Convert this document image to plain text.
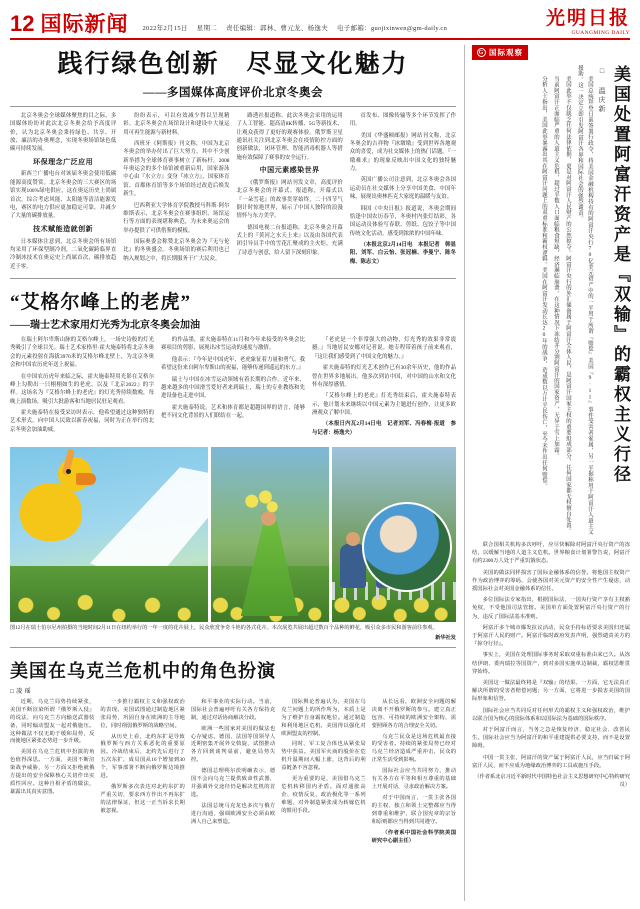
12 国际新闻 2022年2月15日 星期二 责任编辑：郭林、曹元龙、杨逸夫 电子邮箱：guojixinwen@gm-daily.cn	光明日报
GUANGMING DAILY
践行绿色创新　尽显文化魅力
——多国媒体高度评价北京冬奥会

北京冬奥会全球媒体聚焦的目之际，多国媒体纷纷对此次北京冬奥会给予高度评价，认为北京冬奥会秉持绿色、共享、开放、廉洁的办奥理念，实现冬奥场馆绿色低碳可持续发展。

环保理念广泛应用

新西兰广播电台对该届冬奥会使用低碳能源高度赞赏。北京冬奥会的三大赛区的场馆实现100%绿电供应，这在奥运历史上尚属首次。综合考虑风能、太阳能等清洁能源发电，赛区的电力供应更加稳定可靠，并减少了大量的碳排放量。

技术赋能造就创新

日本媒体注意到，北京冬奥会所有场馆均采用了环保型制冷剂，二氧化碳跨临界直冷制冰技术在奥运史上尚属首次，碳排放趋近于零。

纷纷表示，可以有效减少得以呈现精彩。北京冬奥会在场馆设计和建设中大量运用可再生能源与新材料。

西班牙《阿斯报》刊文称，中国为北京冬奥会的举办付出了巨大努力，其中不少创新举措为全球体育赛事树立了新标杆。2008年奥运会的多个场馆被重新启用，国家游泳中心由『水立方』变身『冰立方』，国家体育馆、首都体育馆等多个场馆经过改造后焕发新生。

巴西利亚大学体育学院教授马科斯·阿尔维斯表示，北京冬奥会在赛事组织、场馆运行等方面的表现堪称典范，为未来奥运会的举办提供了可供借鉴的模板。

国际奥委会称赞北京冬奥会为『无与伦比』的冬奥盛会。冬奥场馆的赛后利用也已纳入规划之中，将长期服务于广大民众。

路透社报道称，此次冬奥会采用的运用了人工智能、超高清8K转播、5G等新技术，让观众获得了更好的观赛体验。俄罗斯卫星通讯社关注到北京冬奥会在疫情防控方面的创新做法，闭环管理、智能消毒机器人等措施有效保障了赛事的安全运行。

中国元素感染世界

《俄罗斯报》网站刊发文章，高度评价北京冬奥会的开幕式。报道称，开幕式以『一朵雪花』的故事贯穿始终，二十四节气倒计时惊艳世界，展示了中国人独特的浪漫情怀与东方美学。

德国电视二台报道称，北京冬奥会开幕式上的『黄河之水天上来』以及由各国代表团引导员手中的雪花汇聚成的主火炬，充满了诗意与创意，给人留下深刻印象。

首发布、图像传输等多个环节发挥了作用。

美国《华盛顿邮报》网站刊文称，北京冬奥会的吉祥物『冰墩墩』受到世界各地观众的喜爱，成为社交媒体上的热门话题。『一墩难求』的现象反映出中国文化的独特魅力。

英国广播公司注意到，北京冬奥会各国运动员在社交媒体上分享中国美食、中国年味，展现出奥林匹克大家庭的温暖与友谊。

韩国《中央日报》报道说，冬奥会期间恰逢中国农历春节，冬奥村内张灯结彩，各国运动员体验写春联、剪纸、包饺子等中国传统文化活动，感受到浓浓的中国年味。

（本报北京2月14日电　本报记者　韩显阳、刘军、白云怡、张冠楠、李曼宁、陈冬梅、陈志文）

“艾格尔峰上的老虎”
——瑞士艺术家用灯光秀为北京冬奥会加油

在瑞士阿尔卑斯山脉的艾格尔峰上，一场史诗般的灯光秀吸引了全球目光。瑞士艺术家格里·霍夫施泰特将北京冬奥会的元素投射在海拔3970米的艾格尔峰北壁上，为北京冬奥会和中国农历虎年送上祝福。

在中国农历虎年来临之际，霍夫施泰特用光影在艾格尔峰上勾勒出一只栩栩如生的老虎，以及『北京2022』的字样。这场名为『艾格尔峰上的老虎』的灯光秀持续数晚，每晚上演数场，吸引大批游客和当地居民驻足观看。

霍夫施泰特在接受采访时表示，他希望通过这种独特的艺术形式，向中国人民致以新春祝福，同时为正在举行的北京冬奥会加油助威。

的作品墨，霍夫施泰特在11月和今年来接受的冬奥会比赛项目的剪影，展现出冰雪运动的速度与激情。

他表示：『今年是中国虎年，老虎象征着力量和勇气。我希望这份来自阿尔卑斯山的祝福，能够传递到遥远的东方。』

瑞士与中国在冰雪运动领域有着长期的合作。近年来，越来越多的中国滑雪爱好者来到瑞士，瑞士的专业教练和先进设备也走进中国。

霍夫施泰特说，艺术和体育都是超越国界的语言，能够把不同文化背景的人们联结在一起。

『老虎是一个非常强大的动物，灯光秀的效果非常震撼。』当地居民安娜对记者说。她专程带着孩子前来观看，『这让我们感受到了中国文化的魅力。』

霍夫施泰特的灯光艺术创作已有30余年历史，他的作品曾在世界多地展出。他多次到访中国，对中国的山水和文化怀有深厚感情。

『艾格尔峰上的老虎』灯光秀结束后，霍夫施泰特表示，他计划未来继续以中国元素为主题进行创作，让更多欧洲观众了解中国。

（本报日内瓦2月14日电　记者刘军、冯春梅·报道　参与记者：杨逸夫）

图12月在瑞士伯尔尼州拍摄的当地时间2月11日在纽约举行的一年一度的花卉展上，民众欣赏争奇斗艳的各式花卉。本次展览共展出超过数百个品种的鲜花，吸引众多市民和游客前往参观。
新华社发
美国在乌克兰危机中的角色扮演
□ 凌 瑶

近期，乌克兰局势持续紧张，美国不断渲染所谓『俄罗斯入侵』的说法，向乌克兰方向输送武器装备，同时煽动盟友一起对俄施压。这种做法不仅无助于缓和局势，反而使地区紧张态势进一步升级。

美国在乌克兰危机中扮演的角色值得深思。一方面，美国不断渲染战争威胁，另一方面又拒绝就俄方提出的安全保障核心关切作出实质性回应。这种自相矛盾的做法，暴露出其真实意图。

一步推行霸权主义和强权政治的表现。美国试图通过制造地区紧张局势，巩固自身在欧洲的主导地位，同时削弱俄罗斯的战略空间。

从历史上看，北约东扩是导致俄罗斯与西方关系恶化的重要原因。冷战结束后，北约先后进行了五次东扩，成员国从16个增加到30个，军事部署不断向俄罗斯边境推进。

俄罗斯多次表达对北约东扩的严重关切，要求西方作出不再东扩的法律保证，但这一正当诉求长期被忽视。

和平事业的实际行动。当前，国际社会普遍呼吁有关各方保持克制，通过对话协商解决分歧。

欧洲一些国家对美国的做法也心存疑虑。德国、法国等国领导人近期密集开展外交斡旋，试图推动各方回到谈判桌前，避免局势失控。

德国总理朔尔茨明确表示，德国不会向乌克兰提供致命性武器，并强调外交途径仍是解决危机的首选。

法国总统马克龙也多次与俄方进行沟通，强调欧洲安全必须由欧洲人自己来塑造。

国际舆论普遍认为，美国在乌克兰问题上的所作所为，本质上是为了维护自身霸权地位。通过制造和利用地区危机，美国得以强化对欧洲盟友的控制。

同时，军工复合体也从紧张局势中获益。美国军火商的股价在危机升温期间大幅上涨，这背后的利益链条不容忽视。

更为重要的是，美国借乌克兰危机转移国内矛盾。面对通胀高企、疫情反复、政治极化等一系列难题，对外制造紧张成为转嫁危机的惯用手段。

从长远看，欧洲安全问题的解决离不开俄罗斯的参与。建立真正包容、可持续的欧洲安全架构，需要照顾各方的合理安全关切。

乌克兰民众是这场危机最直接的受害者。持续的紧张局势已经对乌克兰经济造成严重冲击，民众的正常生活受到影响。

国际社会应当共同努力，推动有关各方在平等和相互尊重的基础上开展对话，寻求政治解决方案。

对于中国而言，一贯主张各国的主权、独立和领土完整都应当得到尊重和维护，联合国宪章的宗旨和原则都应当得到共同遵守。

（作者系中国社会科学院美国研究中心副主任）

G 国际观察
美国处置阿富汗资产是『双输』的霸权主义行径
□ 温庆新

美国总统拜登日前签署行政令，将美国金融机构持有的阿富汗央行70亿美元资产中的一半用于所谓『赔偿』美国『9·11』事件受害者家属，另一半据称用于阿富汗人道主义援助。这一决定立即引发阿富汗各界和国际社会的强烈谴责。

美国此举不仅缺乏任何法律依据，更是对阿富汗人民财产的公然掠夺。阿富汗央行的外汇储备属于阿富汗全体人民，是阿富汗国家主权的重要组成部分，任何国家都无权擅自处置。

当前阿富汗正面临严重的人道主义危机，超过半数人口面临粮食短缺，经济濒临崩溃。在这种情况下冻结并分割阿富汗的国家资产，无异于雪上加霜。

分析人士指出，美国此举暴露出其在阿富汗问题上的双重标准和霸权逻辑。美国在阿富汗发动长达20年的战争，造成数以万计平民伤亡，至今未作出任何赔偿。

联合国相关机构多次呼吁，应尽快解除对阿富汗央行资产的冻结，以缓解当地的人道主义危机。世界粮食计划署警告说，阿富汗有约2300万人处于严重饥饿状态。

美国的做法同样损害了国际金融体系的信誉。将他国主权资产作为政治博弈的筹码，会使各国对美元资产的安全性产生疑虑，动摇国际社会对美国金融体系的信任。

多位国际法专家指出，根据国际法，一国央行资产享有主权豁免权，不受他国司法管辖。美国单方面处置阿富汗央行资产的行为，违反了国际法基本准则。

阿富汗多个城市爆发抗议活动，民众手持标语要求美国归还属于阿富汗人民的财产。阿富汗临时政府发表声明，强烈谴责美方的『掠夺行径』。

事实上，美国在处理国际事务时采取双重标准由来已久。从冻结伊朗、委内瑞拉等国资产，到对多国实施单边制裁，霸权思维贯穿始终。

美国这一做法最终将是『双输』的结果。一方面，它无法真正解决所谓的受害者赔偿问题；另一方面，它将进一步损害美国的国际形象和信誉。

国际社会应当共同反对任何形式的霸权主义和强权政治，维护以联合国为核心的国际体系和以国际法为基础的国际秩序。

对于阿富汗而言，当务之急是恢复经济、稳定社会、改善民生。国际社会应当为阿富汗的和平重建提供必要支持，而不是设置障碍。

中国一贯主张，阿富汗的资产属于阿富汗人民，应当归属于阿富汗人民，而不应成为地缘政治博弈的工具或施压手段。

（作者系北京习近平新时代中国特色社会主义思想研究中心特约研究员）
